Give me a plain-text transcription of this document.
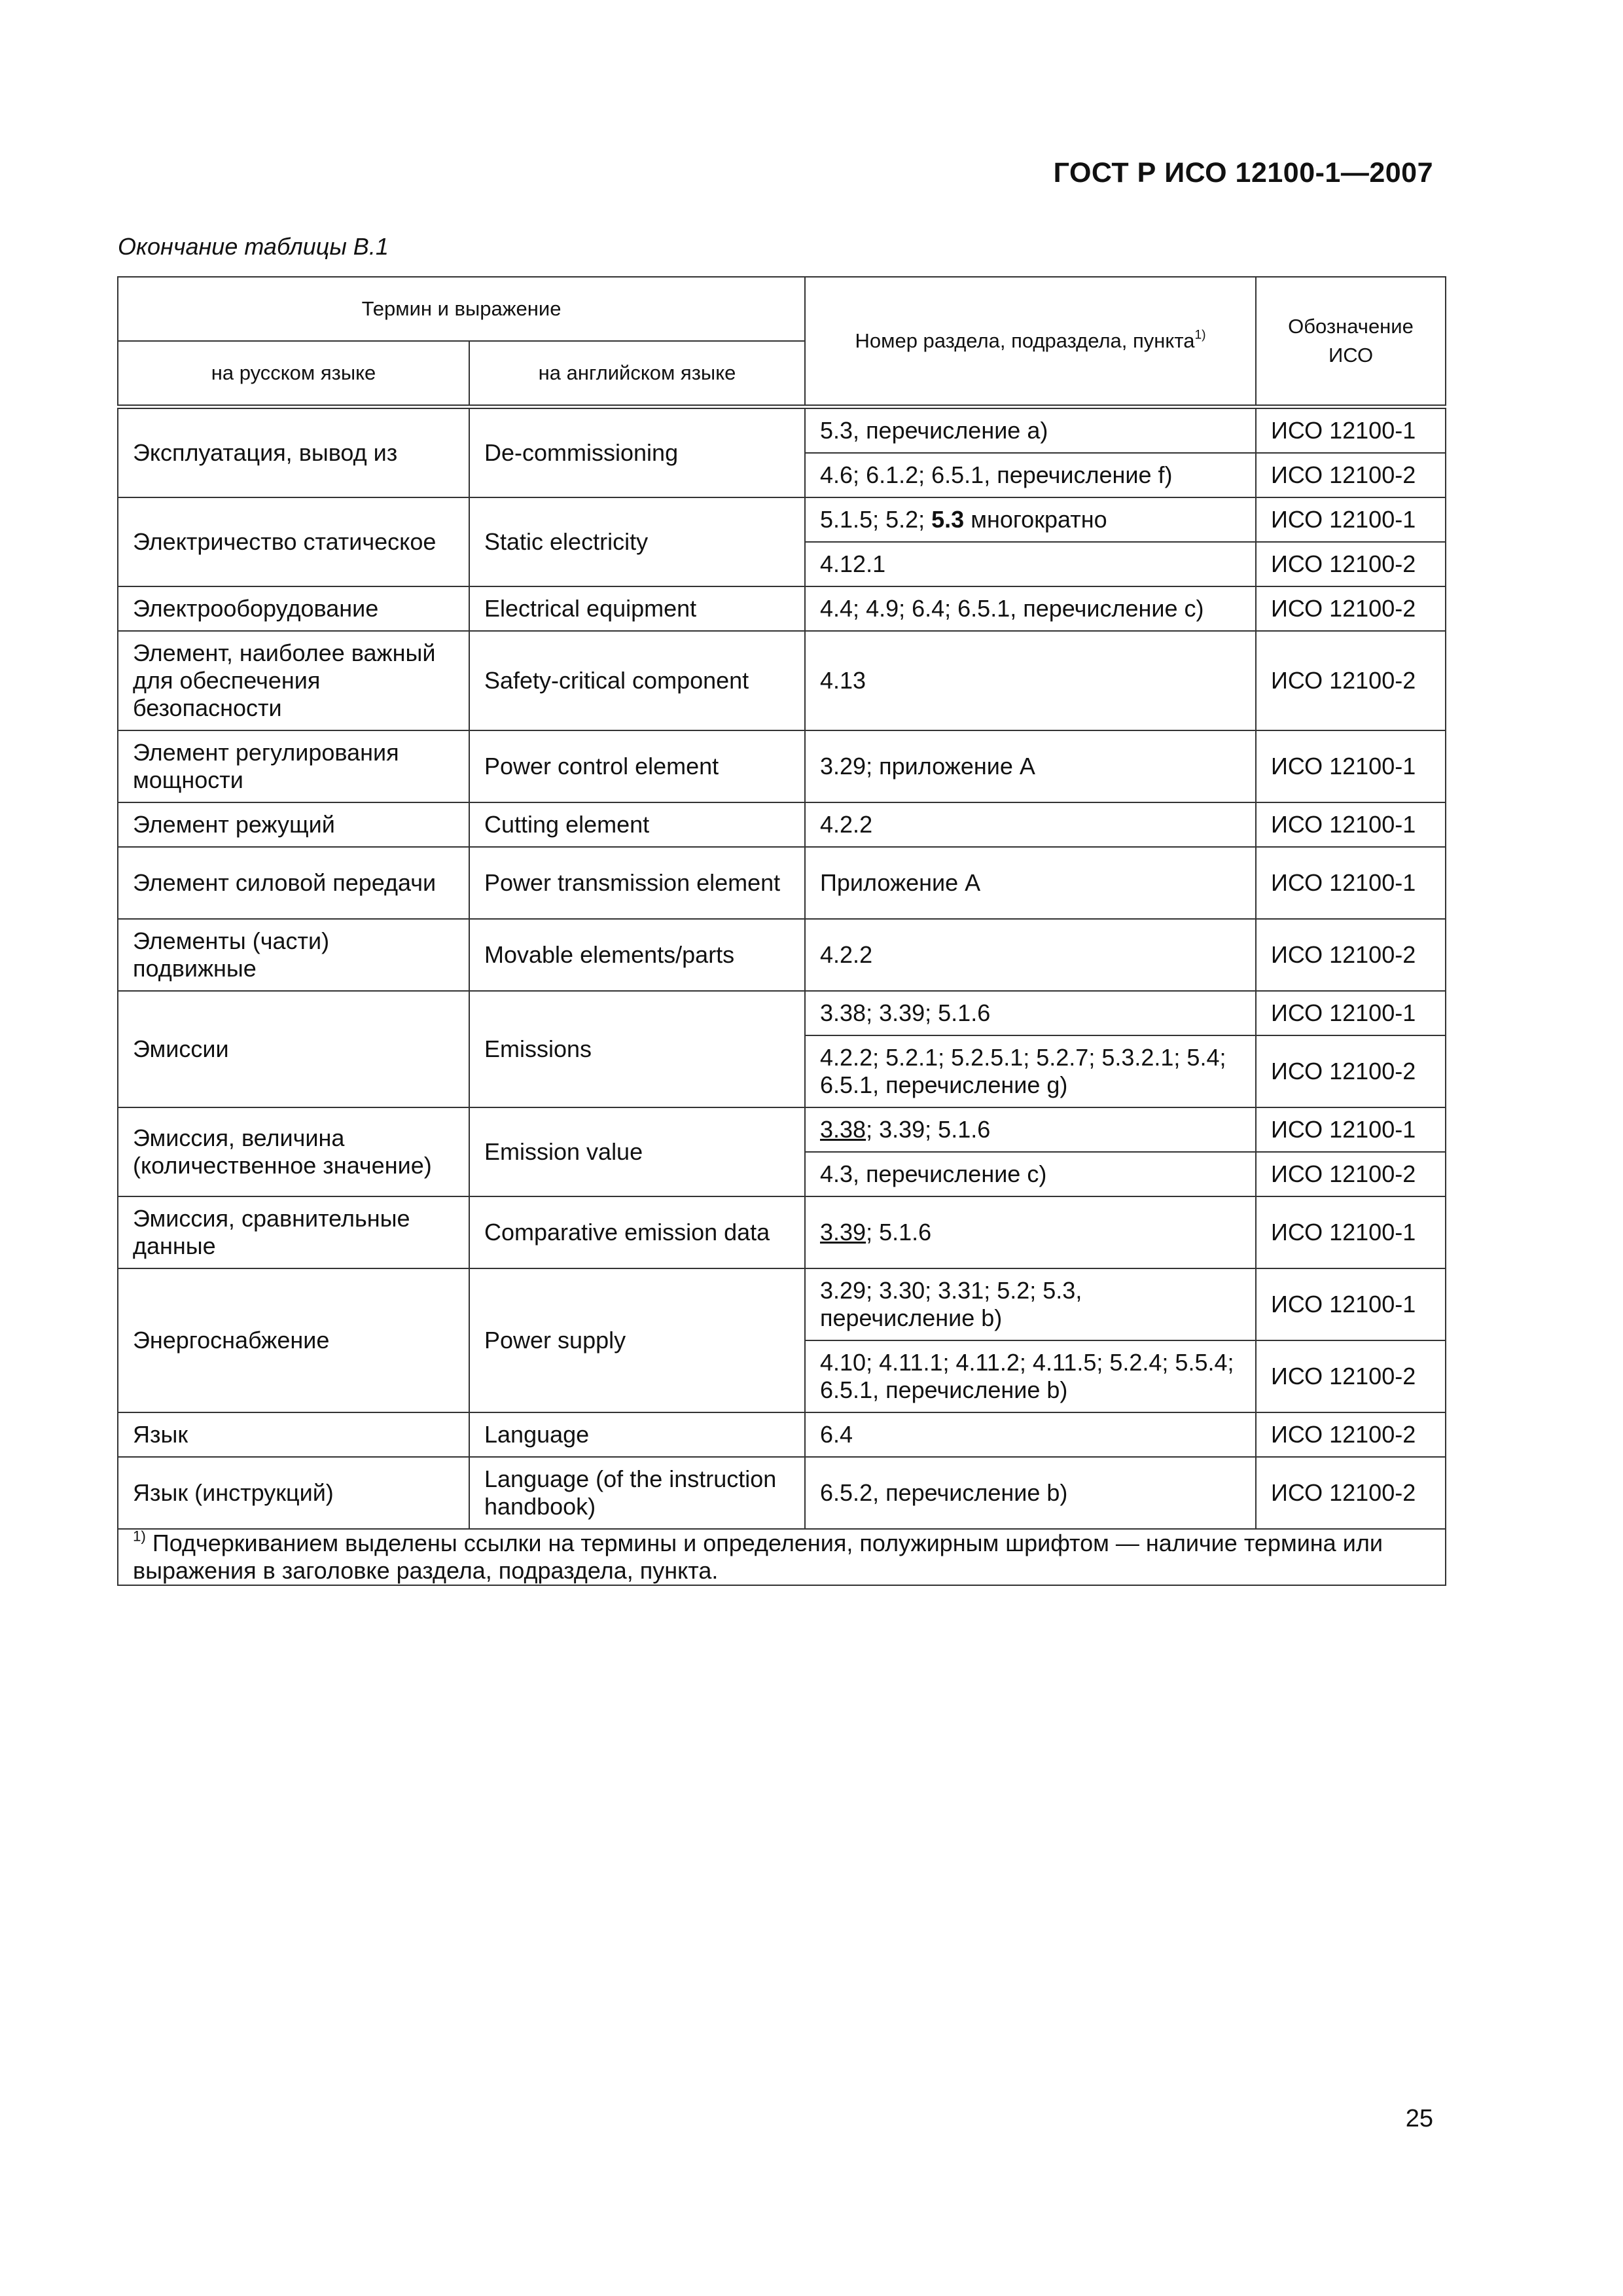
ГОСТ Р ИСО 12100-1—2007
Окончание таблицы В.1
Термин и выражение		Номер раздела, подраздела, пункта$^{1)}$	Обозначение ИСО
на русском языке	на английском языке		
Эксплуатация, вывод из	De-commissioning	5.3, перечисление a)	ИСО 12100-1
		4.6; 6.1.2; 6.5.1, перечисление f)	ИСО 12100-2
Электричество статическое	Static electricity	5.1.5; 5.2; 5.3 многократно	ИСО 12100-1
		4.12.1	ИСО 12100-2
Электрооборудование	Electrical equipment	4.4; 4.9; 6.4; 6.5.1, перечисление c)	ИСО 12100-2
Элемент, наиболее важный для обеспечения безопасности	Safety-critical component	4.13	ИСО 12100-2
Элемент регулирования мощности	Power control element	3.29; приложение A	ИСО 12100-1
Элемент режущий	Cutting element	4.2.2	ИСО 12100-1
Элемент силовой передачи	Power transmission element	Приложение А	ИСО 12100-1
Элементы (части) подвижные	Movable elements/parts	4.2.2	ИСО 12100-2
Эмиссии	Emissions	3.38; 3.39; 5.1.6	ИСО 12100-1
		4.2.2; 5.2.1; 5.2.5.1; 5.2.7; 5.3.2.1; 5.4; 6.5.1, перечисление g)	ИСО 12100-2
Эмиссия, величина (количественное значение)	Emission value	3.38; 3.39; 5.1.6	ИСО 12100-1
		4.3, перечисление c)	ИСО 12100-2
Эмиссия, сравнительные данные	Comparative emission data	3.39; 5.1.6	ИСО 12100-1
Энергоснабжение	Power supply	3.29; 3.30; 3.31; 5.2; 5.3, перечисление b)	ИСО 12100-1
		4.10; 4.11.1; 4.11.2; 4.11.5; 5.2.4; 5.5.4; 6.5.1, перечисление b)	ИСО 12100-2
Язык	Language	6.4	ИСО 12100-2
Язык (инструкций)	Language (of the instruction handbook)	6.5.2, перечисление b)	ИСО 12100-2
$^{1)}$ Подчеркиванием выделены ссылки на термины и определения, полужирным шрифтом — наличие термина или выражения в заголовке раздела, подраздела, пункта.			
25
